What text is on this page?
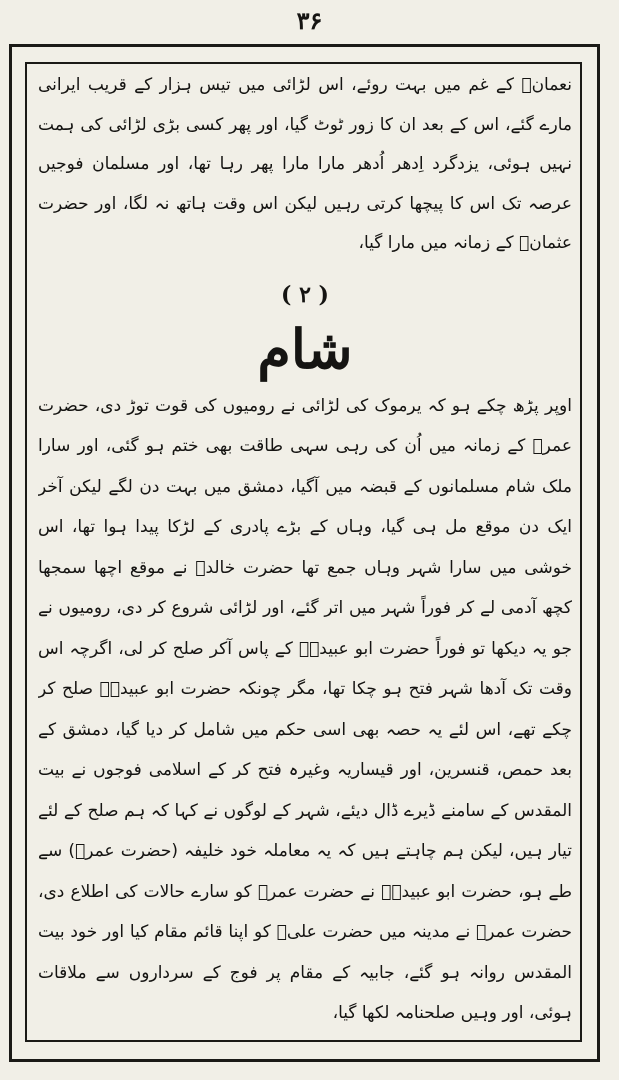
۳۶

نعمانؓ کے غم میں بہت روئے، اس لڑائی میں تیس ہزار کے قریب ایرانی مارے گئے، اس کے بعد ان کا زور ٹوٹ گیا، اور پھر کسی بڑی لڑائی کی ہمت نہیں ہوئی، یزدگرد اِدھر اُدھر مارا مارا پھر رہا تھا، اور مسلمان فوجیں عرصہ تک اس کا پیچھا کرتی رہیں لیکن اس وقت ہاتھ نہ لگا، اور حضرت عثمانؓ کے زمانہ میں مارا گیا،

( ۲ )
شام

اوپر پڑھ چکے ہو کہ یرموک کی لڑائی نے رومیوں کی قوت توڑ دی، حضرت عمرؓ کے زمانہ میں اُن کی رہی سہی طاقت بھی ختم ہو گئی، اور سارا ملک شام مسلمانوں کے قبضہ میں آگیا، دمشق میں بہت دن لگے لیکن آخر ایک دن موقع مل ہی گیا، وہاں کے بڑے پادری کے لڑکا پیدا ہوا تھا، اس خوشی میں سارا شہر وہاں جمع تھا حضرت خالدؓ نے موقع اچھا سمجھا کچھ آدمی لے کر فوراً شہر میں اتر گئے، اور لڑائی شروع کر دی، رومیوں نے جو یہ دیکھا تو فوراً حضرت ابو عبیدہؓ کے پاس آکر صلح کر لی، اگرچہ اس وقت تک آدھا شہر فتح ہو چکا تھا، مگر چونکہ حضرت ابو عبیدہؓ صلح کر چکے تھے، اس لئے یہ حصہ بھی اسی حکم میں شامل کر دیا گیا، دمشق کے بعد حمص، قنسرین، اور قیساریہ وغیرہ فتح کر کے اسلامی فوجوں نے بیت المقدس کے سامنے ڈیرے ڈال دیئے، شہر کے لوگوں نے کہا کہ ہم صلح کے لئے تیار ہیں، لیکن ہم چاہتے ہیں کہ یہ معاملہ خود خلیفہ (حضرت عمرؓ) سے طے ہو، حضرت ابو عبیدہؓ نے حضرت عمرؓ کو سارے حالات کی اطلاع دی، حضرت عمرؓ نے مدینہ میں حضرت علیؓ کو اپنا قائم مقام کیا اور خود بیت المقدس روانہ ہو گئے، جابیہ کے مقام پر فوج کے سرداروں سے ملاقات ہوئی، اور وہیں صلحنامہ لکھا گیا،
